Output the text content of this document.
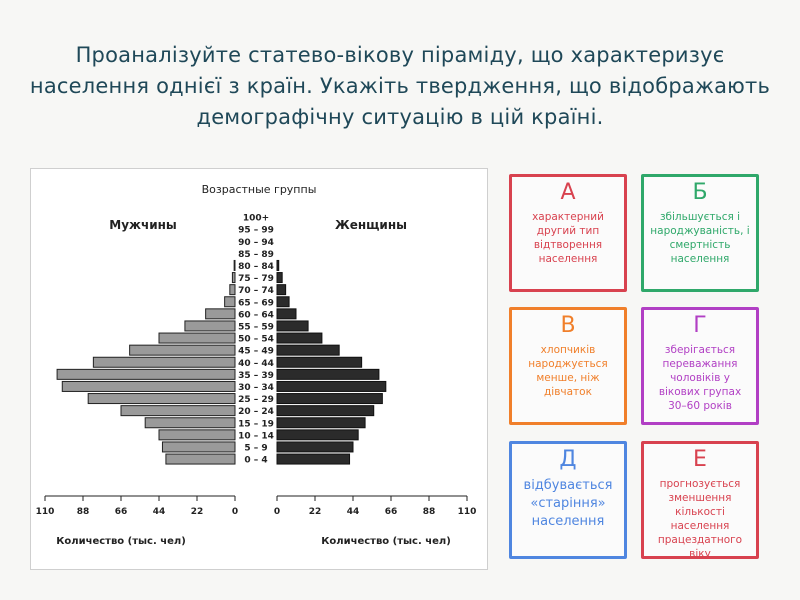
Проаналізуйте статево-вікову піраміду, що характеризує населення однієї з країн. Укажіть твердження, що відображають демографічну ситуацію в цій країні.
Возрастные группы
Мужчины	Женщины
100+
95 – 99
90 – 94
85 – 89
80 – 84
75 – 79
70 – 74
65 – 69
60 – 64
55 – 59
50 – 54
45 – 49
40 – 44
35 – 39
30 – 34
25 – 29
20 – 24
15 – 19
10 – 14
5 – 9
0 – 4
110 88	66	44	22	0	0	22	44	66	88 110
Количество (тыс. чел)	Количество (тыс. чел)
А
характерний другий тип відтворення населення
Б
збільшується і народжуваність, і смертність населення
В
хлопчиків народжується менше, ніж дівчаток
Г
зберігається переважання чоловіків у вікових групах 30–60 років
Д
відбувається «старіння» населення
Е
прогнозується зменшення кількості населення працездатного віку
